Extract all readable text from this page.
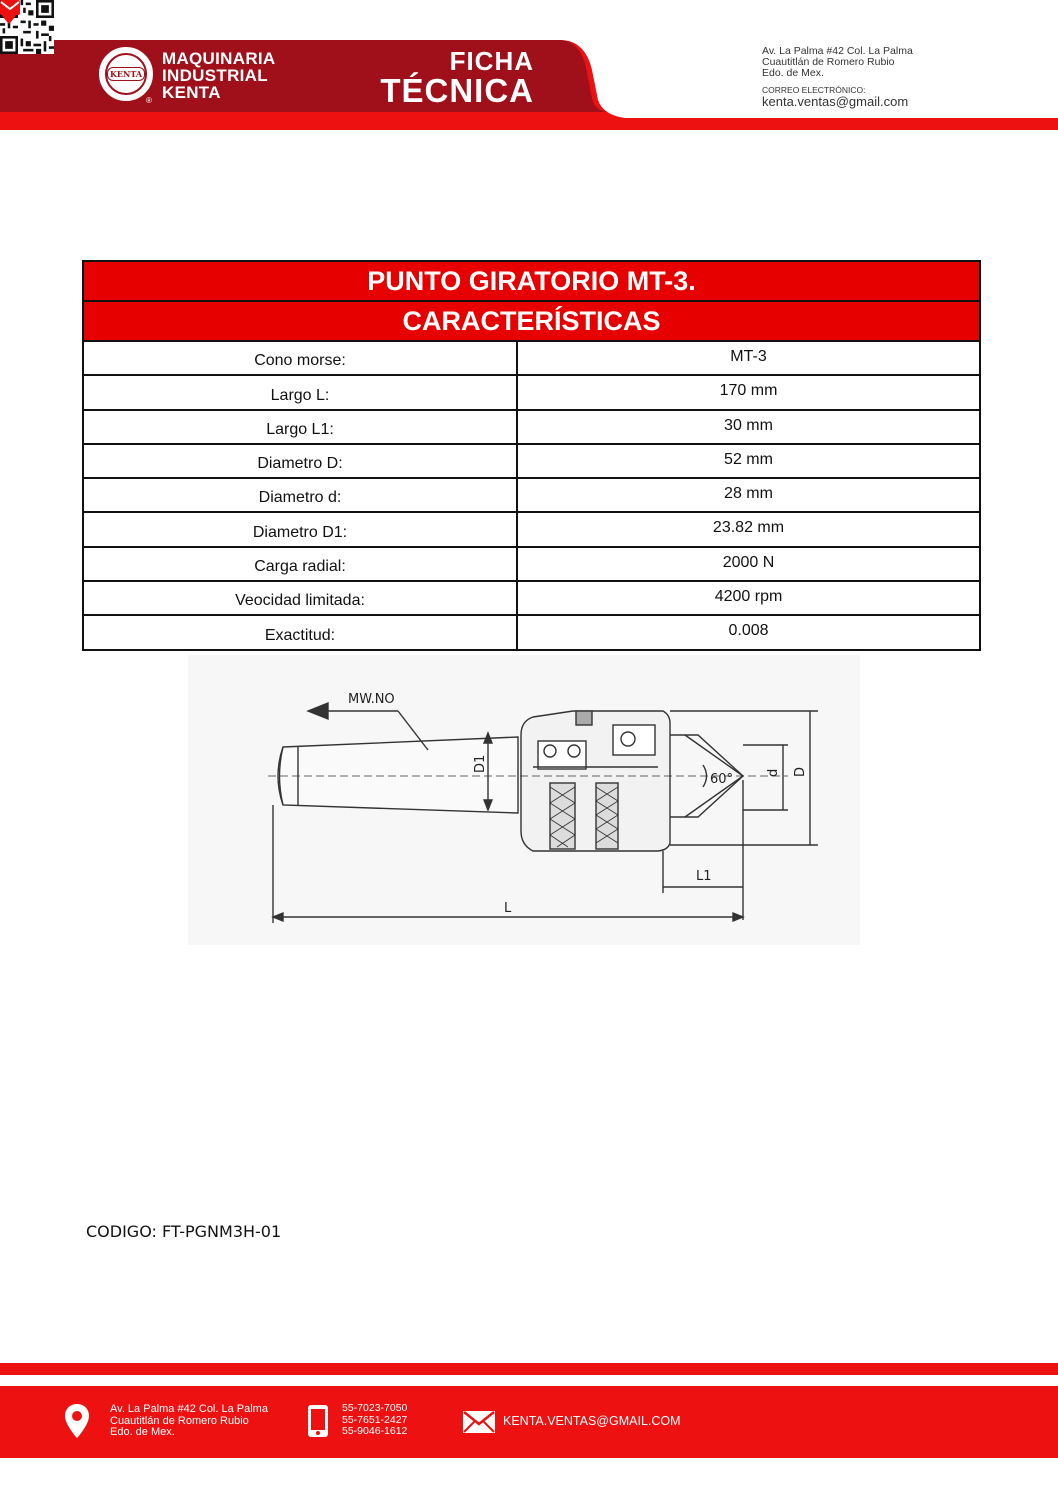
KENTA
®
MAQUINARIA
INDUSTRIAL
KENTA
FICHA
TÉCNICA
Av. La Palma #42 Col. La Palma
Cuautitlán de Romero Rubio
Edo. de Mex.
CORREO ELECTRÓNICO:
kenta.ventas@gmail.com
PUNTO GIRATORIO MT-3.
CARACTERÍSTICAS
Cono morse:	MT-3
Largo L:	170 mm
Largo L1:	30 mm
Diametro D:	52 mm
Diametro d:	28 mm
Diametro D1:	23.82 mm
Carga radial:	2000 N
Veocidad limitada:	4200 rpm
Exactitud:	0.008
MW.NO
60°
D1	d D
L1
L
CODIGO: FT-PGNM3H-01
Av. La Palma #42 Col. La Palma
Cuautitlán de Romero Rubio
Edo. de Mex.
55-7023-7050
55-7651-2427
55-9046-1612
KENTA.VENTAS@GMAIL.COM
